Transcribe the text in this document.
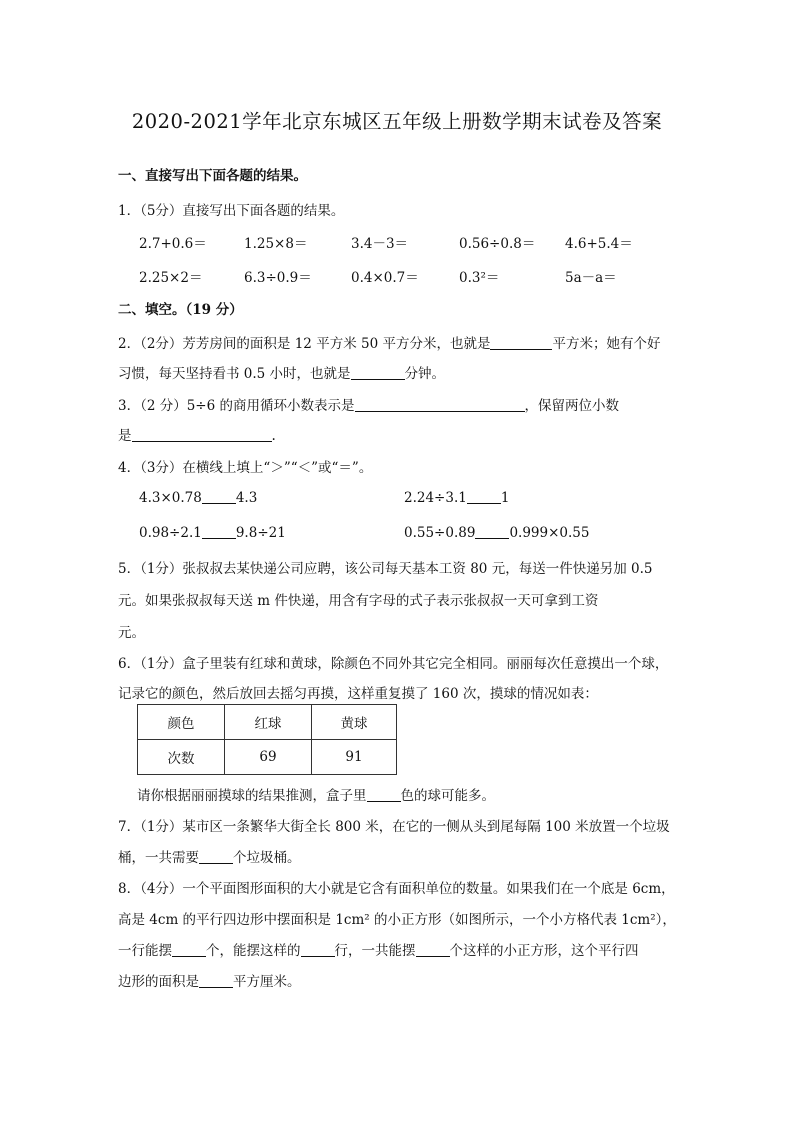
2020-2021学年北京东城区五年级上册数学期末试卷及答案
一、直接写出下面各题的结果。
1．（5分）直接写出下面各题的结果。
2.7+0.6＝	1.25×8＝	3.4－3＝	0.56÷0.8＝ 4.6+5.4＝
2.25×2＝	6.3÷0.9＝	0.4×0.7＝	0.3²＝	5a－a＝
二、填空。（19 分）
2．（2分）芳芳房间的面积是 12 平方米 50 平方分米，也就是	平方米；她有个好
习惯，每天坚持看书 0.5 小时，也就是	分钟。
3．（2 分）5÷6 的商用循环小数表示是	，保留两位小数
是	.
4．（3分）在横线上填上“＞”“＜”或“＝”。
4.3×0.78	4.3	2.24÷3.1	1
0.98÷2.1	9.8÷21	0.55÷0.89	0.999×0.55
5．（1分）张叔叔去某快递公司应聘，该公司每天基本工资 80 元，每送一件快递另加 0.5
元。如果张叔叔每天送 m 件快递，用含有字母的式子表示张叔叔一天可拿到工资
元。
6．（1分）盒子里装有红球和黄球，除颜色不同外其它完全相同。丽丽每次任意摸出一个球，
记录它的颜色，然后放回去摇匀再摸，这样重复摸了 160 次，摸球的情况如表：
颜色	红球	黄球
次数	69	91
请你根据丽丽摸球的结果推测，盒子里	色的球可能多。
7．（1分）某市区一条繁华大街全长 800 米，在它的一侧从头到尾每隔 100 米放置一个垃圾
桶，一共需要	个垃圾桶。
8．（4分）一个平面图形面积的大小就是它含有面积单位的数量。如果我们在一个底是 6cm，
高是 4cm 的平行四边形中摆面积是 1cm² 的小正方形（如图所示，一个小方格代表 1cm²），
一行能摆	个，能摆这样的	行，一共能摆	个这样的小正方形，这个平行四
边形的面积是	平方厘米。
